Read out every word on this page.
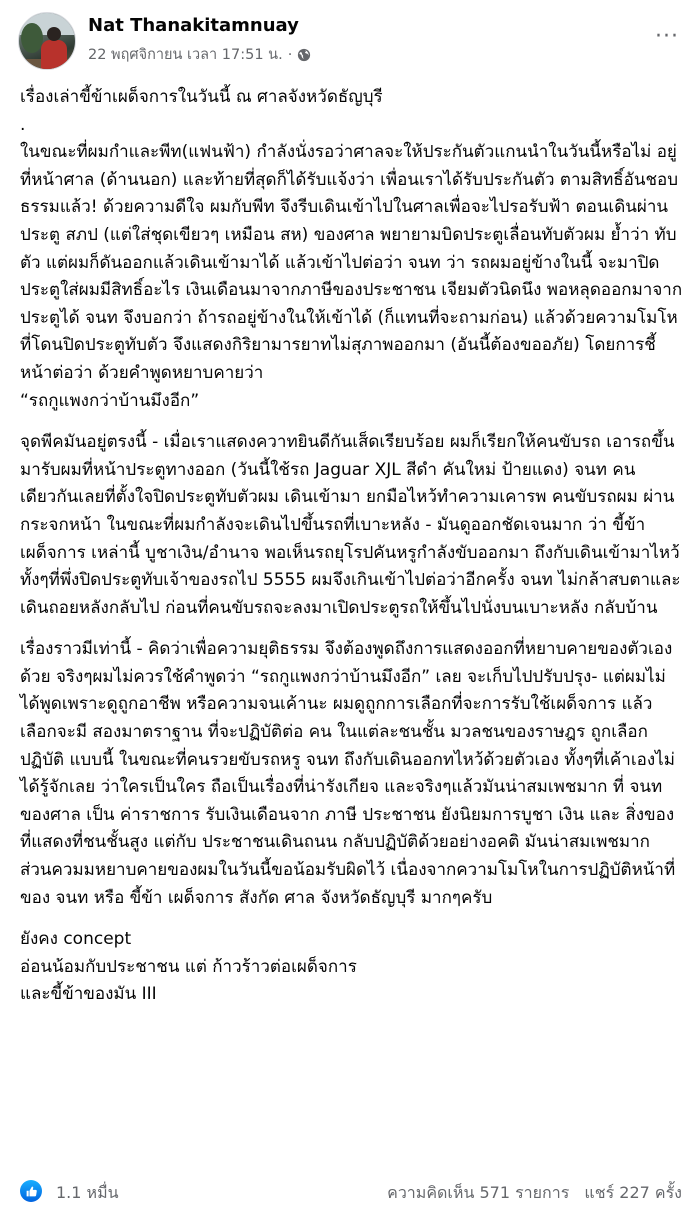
Nat Thanakitamnuay
22 พฤศจิกายน เวลา 17:51 น. ·
···
เรื่องเล่าขี้ข้าเผด็จการในวันนี้ ณ ศาลจังหวัดธัญบุรี
.
ในขณะที่ผมกำและพีท(แฟนฟ้า) กำลังนั่งรอว่าศาลจะให้ประกันตัวแกนนำในวันนี้หรือไม่ อยู่ที่หน้าศาล (ด้านนอก) และท้ายที่สุดก็ได้รับแจ้งว่า เพื่อนเราได้รับประกันตัว ตามสิทธิ์อันชอบธรรมแล้ว! ด้วยความดีใจ ผมกับพีท จึงรีบเดินเข้าไปในศาลเพื่อจะไปรอรับฟ้า ตอนเดินผ่านประตู สภป (แต่ใส่ชุดเขียวๆ เหมือน สห) ของศาล พยายามบิดประตูเลื่อนทับตัวผม ย้ำว่า ทับตัว แต่ผมก็ดันออกแล้วเดินเข้ามาได้ แล้วเข้าไปต่อว่า จนท ว่า รถผมอยู่ข้างในนี้ จะมาปิดประตูใส่ผมมีสิทธิ์อะไร เงินเดือนมาจากภาษีของประชาชน เจียมตัวนิดนึง พอหลุดออกมาจากประตูได้ จนท จึงบอกว่า ถ้ารถอยู่ข้างในให้เข้าได้ (ก็แทนที่จะถามก่อน) แล้วด้วยความโมโห ที่โดนปิดประตูทับตัว จึงแสดงกิริยามารยาทไม่สุภาพออกมา (อันนี้ต้องขออภัย) โดยการชี้หน้าต่อว่า ด้วยคำพูดหยาบคายว่า
“รถกูแพงกว่าบ้านมึงอีก”
จุดพีคมันอยู่ตรงนี้ - เมื่อเราแสดงควาทยินดีกันเส็ดเรียบร้อย ผมก็เรียกให้คนขับรถ เอารถขึ้นมารับผมที่หน้าประตูทางออก (วันนี้ใช้รถ Jaguar XJL สีดำ คันใหม่ ป้ายแดง) จนท คนเดียวกันเลยที่ตั้งใจปิดประตูทับตัวผม เดินเข้ามา ยกมือไหว้ทำความเคารพ คนขับรถผม ผ่านกระจกหน้า ในขณะที่ผมกำลังจะเดินไปขึ้นรถที่เบาะหลัง - มันดูออกชัดเจนมาก ว่า ขี้ข้าเผด็จการ เหล่านี้ บูชาเงิน/อำนาจ พอเห็นรถยุโรปคันหรูกำลังขับออกมา ถึงกับเดินเข้ามาไหว้ ทั้งๆที่พึ่งปิดประตูทับเจ้าของรถไป 5555 ผมจึงเกินเข้าไปต่อว่าอีกครั้ง จนท ไม่กล้าสบตาและเดินถอยหลังกลับไป ก่อนที่คนขับรถจะลงมาเปิดประตูรถให้ขึ้นไปนั่งบนเบาะหลัง กลับบ้าน
เรื่องราวมีเท่านี้ - คิดว่าเพื่อความยุติธรรม จึงต้องพูดถึงการแสดงออกที่หยาบคายของตัวเองด้วย จริงๆผมไม่ควรใช้คำพูดว่า “รถกูแพงกว่าบ้านมึงอีก” เลย จะเก็บไปปรับปรุง- แต่ผมไม่ได้พูดเพราะดูถูกอาชีพ หรือความจนเค้านะ ผมดูถูกการเลือกที่จะการรับใช้เผด็จการ แล้ว เลือกจะมี สองมาตราฐาน ที่จะปฏิบัติต่อ คน ในแต่ละชนชั้น มวลชนของราษฎร ถูกเลือกปฏิบัติ แบบนี้ ในขณะที่คนรวยขับรถหรู จนท ถึงกับเดินออกทไหว้ด้วยตัวเอง ทั้งๆที่เค้าเองไม่ได้รู้จักเลย ว่าใครเป็นใคร ถือเป็นเรื่องที่น่ารังเกียจ และจริงๆแล้วมันน่าสมเพชมาก ที่ จนท ของศาล เป็น ค่าราชการ รับเงินเดือนจาก ภาษี ประชาชน ยังนิยมการบูชา เงิน และ สิ่งของที่แสดงที่ชนชั้นสูง แต่กับ ประชาชนเดินถนน กลับปฏิบัติด้วยอย่างอคติ มันน่าสมเพชมาก ส่วนควมมหยาบคายของผมในวันนี้ขอน้อมรับผิดไว้ เนื่องจากความโมโหในการปฏิบัติหน้าที่ของ จนท หรือ ขี้ข้า เผด็จการ สังกัด ศาล จังหวัดธัญบุรี มากๆครับ
ยังคง concept
อ่อนน้อมกับประชาชน แต่ ก้าวร้าวต่อเผด็จการ
และขี้ข้าของมัน III
1.1 หมื่น	ความคิดเห็น 571 รายการ แชร์ 227 ครั้ง
